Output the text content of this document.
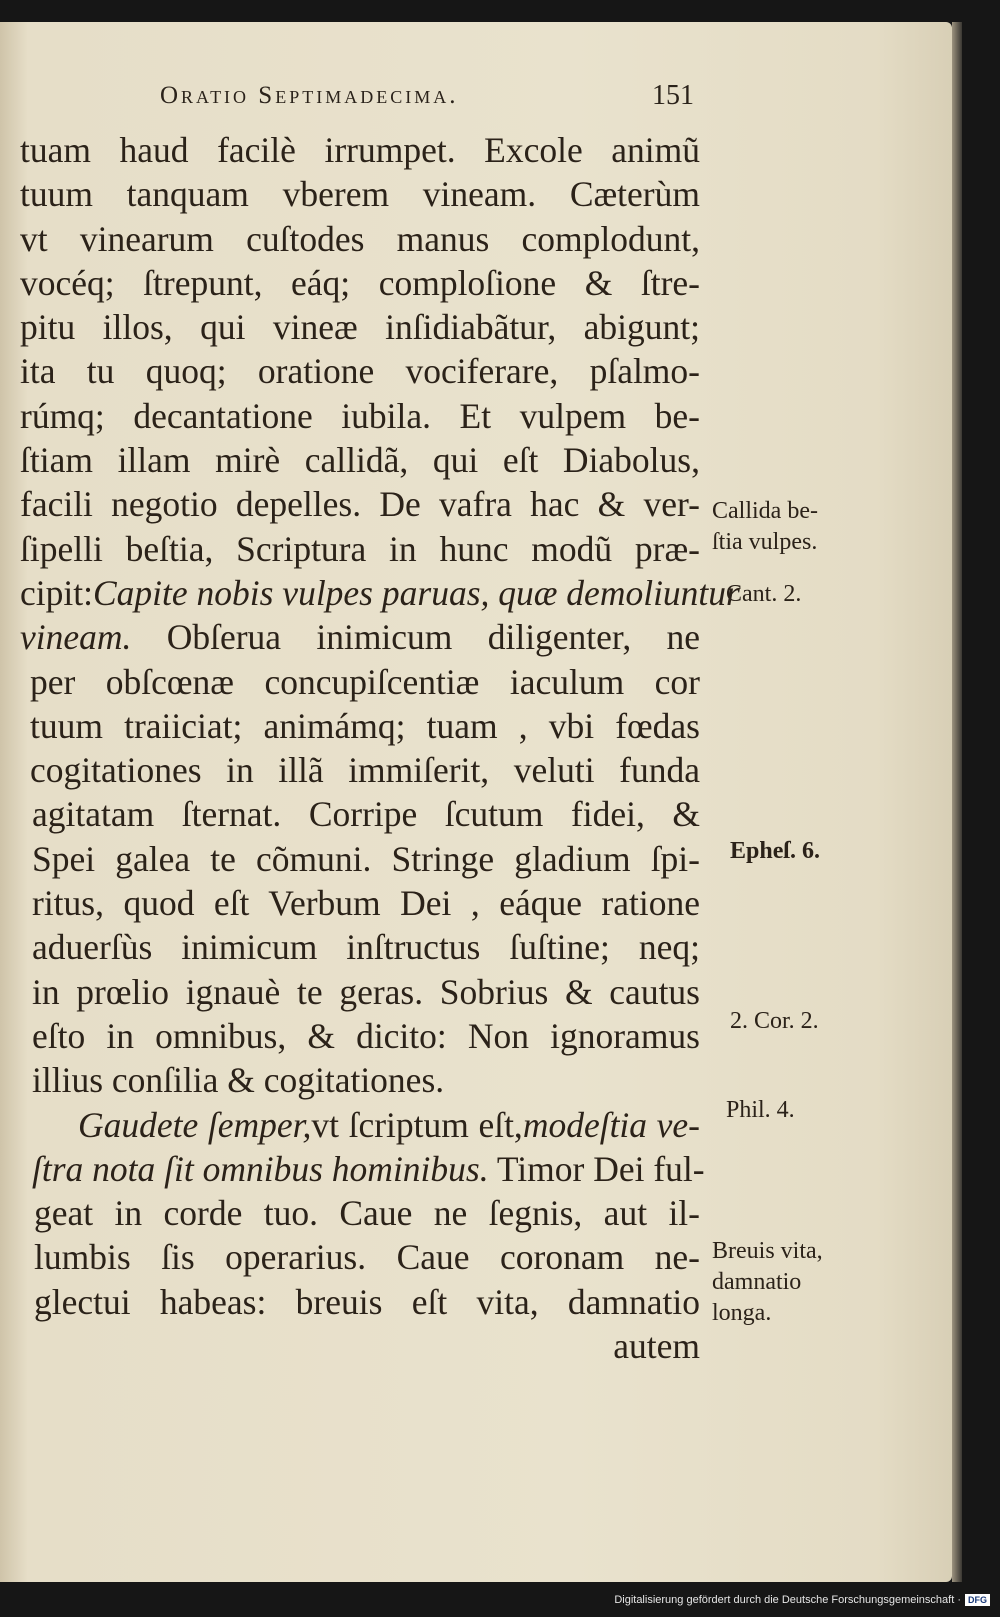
Oratio Septimadecima.	151
tuam haud facilè irrumpet. Excole animũ
tuum tanquam vberem vineam. Cæterùm
vt vinearum cuſtodes manus complodunt,
vocéq; ſtrepunt, eáq; comploſione & ſtre-
pitu illos, qui vineæ inſidiabãtur, abigunt;
ita tu quoq; oratione vociferare, pſalmo-
rúmq; decantatione iubila. Et vulpem be-
ſtiam illam mirè callidã, qui eſt Diabolus,
facili negotio depelles. De vafra hac & ver-
ſipelli beſtia, Scriptura in hunc modũ præ-
cipit:Capite nobis vulpes paruas, quæ demoliuntur
vineam. Obſerua inimicum diligenter, ne
per obſcœnæ concupiſcentiæ iaculum cor
tuum traiiciat; animámq; tuam , vbi fœdas
cogitationes in illã immiſerit, veluti funda
agitatam ſternat. Corripe ſcutum fidei, &
Spei galea te cõmuni. Stringe gladium ſpi-
ritus, quod eſt Verbum Dei , eáque ratione
aduerſùs inimicum inſtructus ſuſtine; neq;
in prœlio ignauè te geras. Sobrius & cautus
eſto in omnibus, & dicito: Non ignoramus
illius conſilia & cogitationes.
Gaudete ſemper,vt ſcriptum eſt,modeſtia ve-
ſtra nota ſit omnibus hominibus. Timor Dei ful-
geat in corde tuo. Caue ne ſegnis, aut il-
lumbis ſis operarius. Caue coronam ne-
glectui habeas: breuis eſt vita, damnatio
autem
Callida be-
ſtia vulpes.
Cant. 2.
Epheſ. 6.
2. Cor. 2.
Phil. 4.
Breuis vita,
damnatio
longa.
Digitalisierung gefördert durch die Deutsche Forschungsgemeinschaft · DFG
